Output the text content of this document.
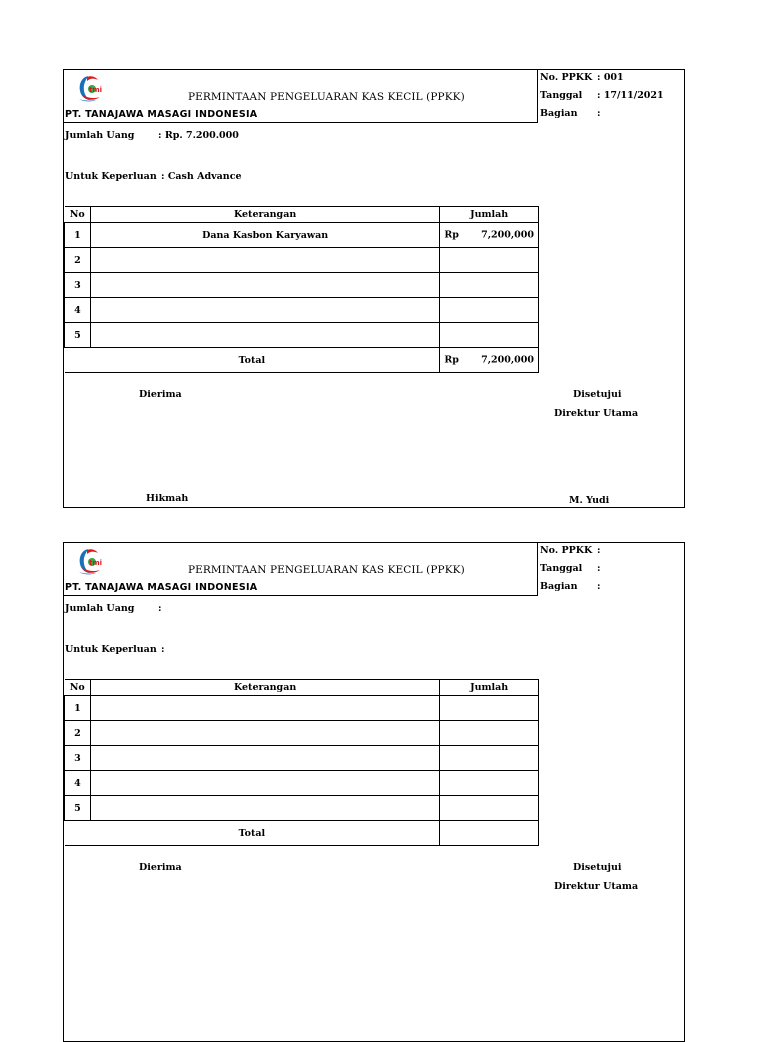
tmi
PERMINTAAN PENGELUARAN KAS KECIL (PPKK)
PT. TANAJAWA MASAGI INDONESIA
No. PPKK : 001
Tanggal : 17/11/2021
Bagian :
Jumlah Uang : Rp. 7.200.000
Untuk Keperluan : Cash Advance
No	Keterangan	Jumlah
1	Dana Kasbon Karyawan	Rp 7,200,000

2		

3		

4		

5		

Total		Rp 7,200,000
Dierima	Disetujui
Direktur Utama
Hikmah	M. Yudi
tmi
PERMINTAAN PENGELUARAN KAS KECIL (PPKK)
PT. TANAJAWA MASAGI INDONESIA
No. PPKK :
Tanggal :
Bagian :
Jumlah Uang :
Untuk Keperluan :
No	Keterangan	Jumlah
1		

2		

3		

4		

5		

Total		
Dierima	Disetujui
Direktur Utama
